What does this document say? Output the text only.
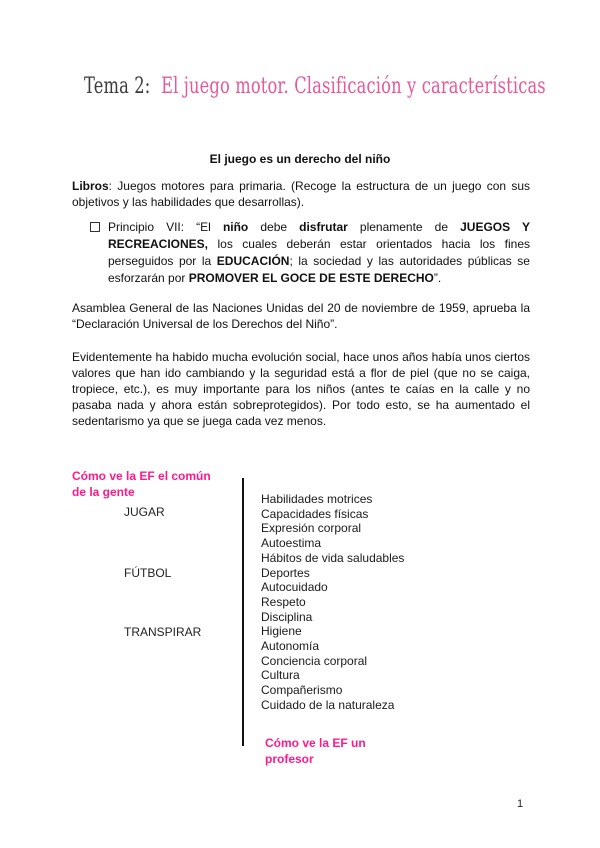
Tema 2: El juego motor. Clasificación y características
El juego es un derecho del niño
Libros: Juegos motores para primaria. (Recoge la estructura de un juego con sus objetivos y las habilidades que desarrollas).
Principio VII: “El niño debe disfrutar plenamente de JUEGOS Y RECREACIONES, los cuales deberán estar orientados hacia los fines perseguidos por la EDUCACIÓN; la sociedad y las autoridades públicas se esforzarán por PROMOVER EL GOCE DE ESTE DERECHO”.
Asamblea General de las Naciones Unidas del 20 de noviembre de 1959, aprueba la “Declaración Universal de los Derechos del Niño”.
Evidentemente ha habido mucha evolución social, hace unos años había unos ciertos valores que han ido cambiando y la seguridad está a flor de piel (que no se caiga, tropiece, etc.), es muy importante para los niños (antes te caías en la calle y no pasaba nada y ahora están sobreprotegidos). Por todo esto, se ha aumentado el sedentarismo ya que se juega cada vez menos.
Cómo ve la EF el común de la gente
JUGAR
FÚTBOL
TRANSPIRAR
Habilidades motrices
Capacidades físicas
Expresión corporal
Autoestima
Hábitos de vida saludables
Deportes
Autocuidado
Respeto
Disciplina
Higiene
Autonomía
Conciencia corporal
Cultura
Compañerismo
Cuidado de la naturaleza
Cómo ve la EF un profesor
1
